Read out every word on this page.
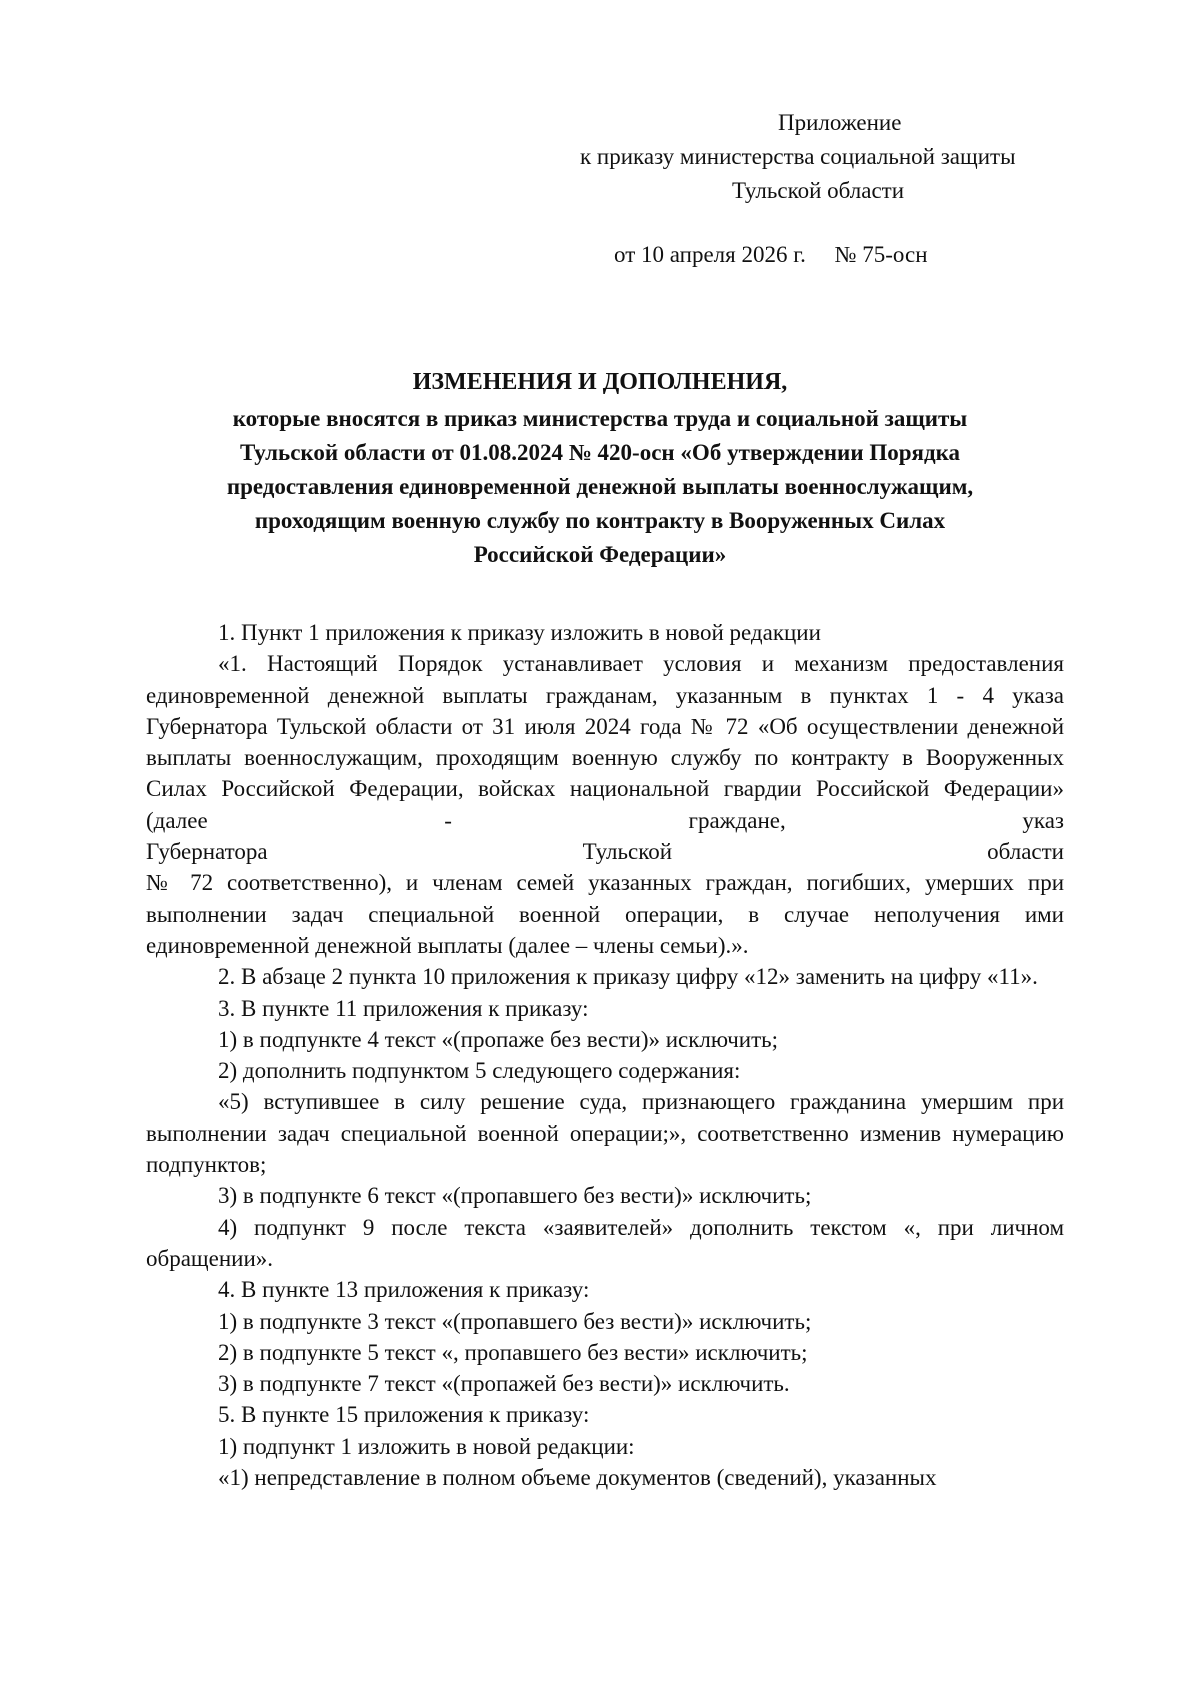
Приложение
к приказу министерства социальной защиты
Тульской области
от 10 апреля 2026 г.     № 75-осн
ИЗМЕНЕНИЯ И ДОПОЛНЕНИЯ,
которые вносятся в приказ министерства труда и социальной защиты
Тульской области от 01.08.2024 № 420-осн «Об утверждении Порядка
предоставления единовременной денежной выплаты военнослужащим,
проходящим военную службу по контракту в Вооруженных Силах
Российской Федерации»

1. Пункт 1 приложения к приказу изложить в новой редакции

«1. Настоящий Порядок устанавливает условия и механизм предоставления единовременной денежной выплаты гражданам, указанным в пунктах 1 - 4 указа Губернатора Тульской области от 31 июля 2024 года № 72 «Об осуществлении денежной выплаты военнослужащим, проходящим военную службу по контракту в Вооруженных Силах Российской Федерации, войсках национальной гвардии Российской Федерации» (далее - граждане, указ

Губернатора Тульской области

№ 72 соответственно), и членам семей указанных граждан, погибших, умерших при выполнении задач специальной военной операции, в случае неполучения ими единовременной денежной выплаты (далее – члены семьи).».

2. В абзаце 2 пункта 10 приложения к приказу цифру «12» заменить на цифру «11».

3. В пункте 11 приложения к приказу:

1) в подпункте 4 текст «(пропаже без вести)» исключить;

2) дополнить подпунктом 5 следующего содержания:

«5) вступившее в силу решение суда, признающего гражданина умершим при выполнении задач специальной военной операции;», соответственно изменив нумерацию подпунктов;

3) в подпункте 6 текст «(пропавшего без вести)» исключить;

4) подпункт 9 после текста «заявителей» дополнить текстом «, при личном обращении».

4. В пункте 13 приложения к приказу:

1) в подпункте 3 текст «(пропавшего без вести)» исключить;

2) в подпункте 5 текст «, пропавшего без вести» исключить;

3) в подпункте 7 текст «(пропажей без вести)» исключить.

5. В пункте 15 приложения к приказу:

1) подпункт 1 изложить в новой редакции:

«1) непредставление в полном объеме документов (сведений), указанных
